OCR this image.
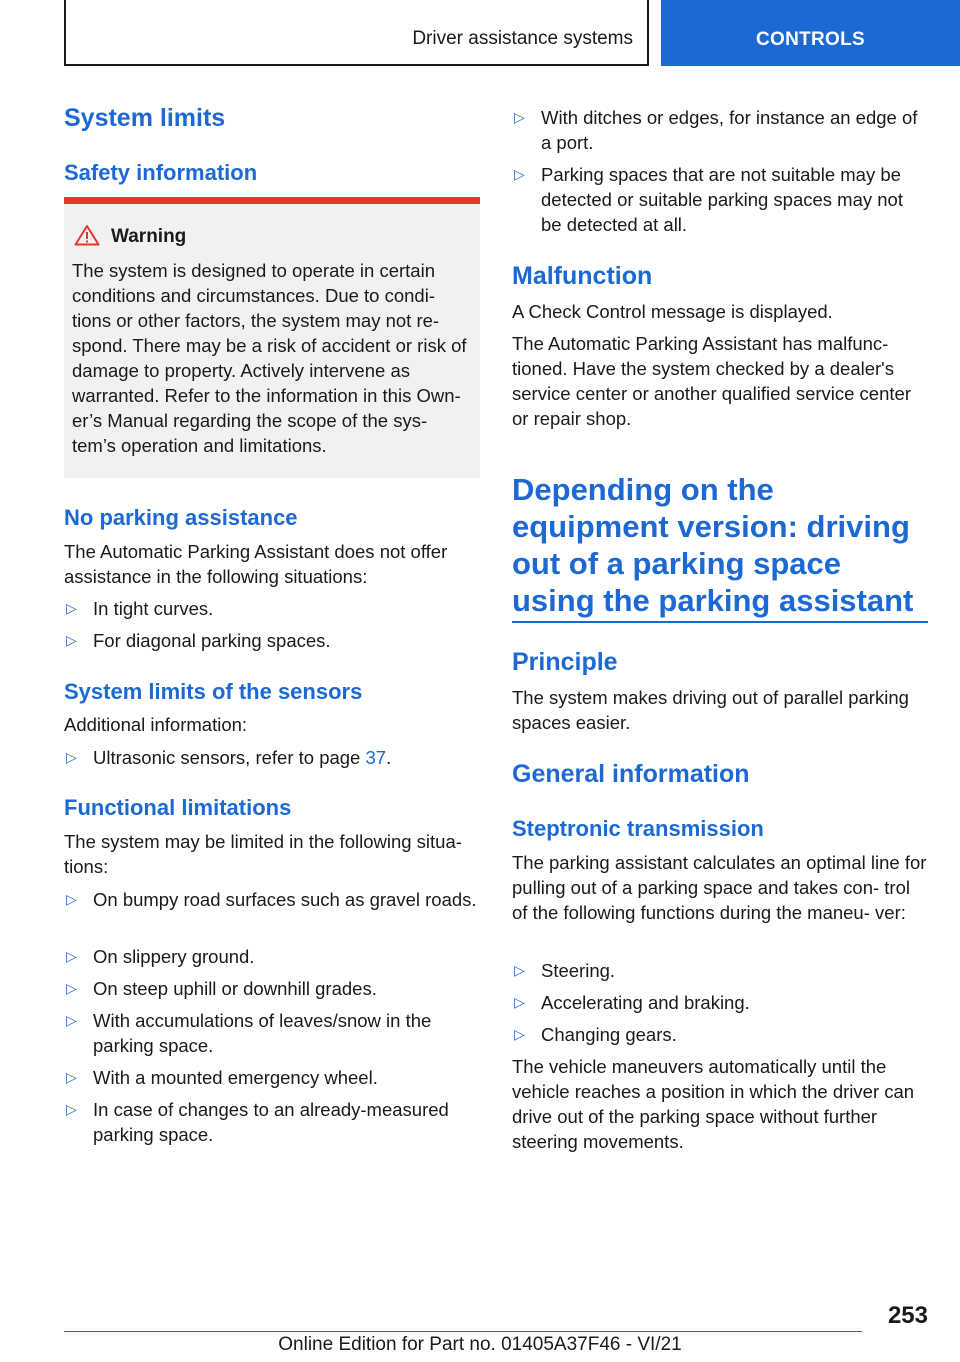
Driver assistance systems	CONTROLS
System limits
Safety information
Warning
The system is designed to operate in certain conditions and circumstances. Due to condi- tions or other factors, the system may not re- spond. There may be a risk of accident or risk of damage to property. Actively intervene as warranted. Refer to the information in this Own- er’s Manual regarding the scope of the sys- tem’s operation and limitations.
No parking assistance
The Automatic Parking Assistant does not offer assistance in the following situations:
▷ In tight curves.
▷ For diagonal parking spaces.
System limits of the sensors
Additional information:
▷ Ultrasonic sensors, refer to page 37.
Functional limitations
The system may be limited in the following situa- tions:
▷ On bumpy road surfaces such as gravel roads.
▷ On slippery ground.
▷ On steep uphill or downhill grades.
▷ With accumulations of leaves/snow in the parking space.
▷ With a mounted emergency wheel.
▷ In case of changes to an already-measured parking space.
▷ With ditches or edges, for instance an edge of a port.
▷ Parking spaces that are not suitable may be detected or suitable parking spaces may not be detected at all.
Malfunction
A Check Control message is displayed.
The Automatic Parking Assistant has malfunc- tioned. Have the system checked by a dealer's service center or another qualified service center or repair shop.
Depending on the equipment version: driving out of a parking space using the parking assistant
Principle
The system makes driving out of parallel parking spaces easier.
General information
Steptronic transmission
The parking assistant calculates an optimal line for pulling out of a parking space and takes con- trol of the following functions during the maneu- ver:
▷ Steering.
▷ Accelerating and braking.
▷ Changing gears.
The vehicle maneuvers automatically until the vehicle reaches a position in which the driver can drive out of the parking space without further steering movements.
253
Online Edition for Part no. 01405A37F46 - VI/21
